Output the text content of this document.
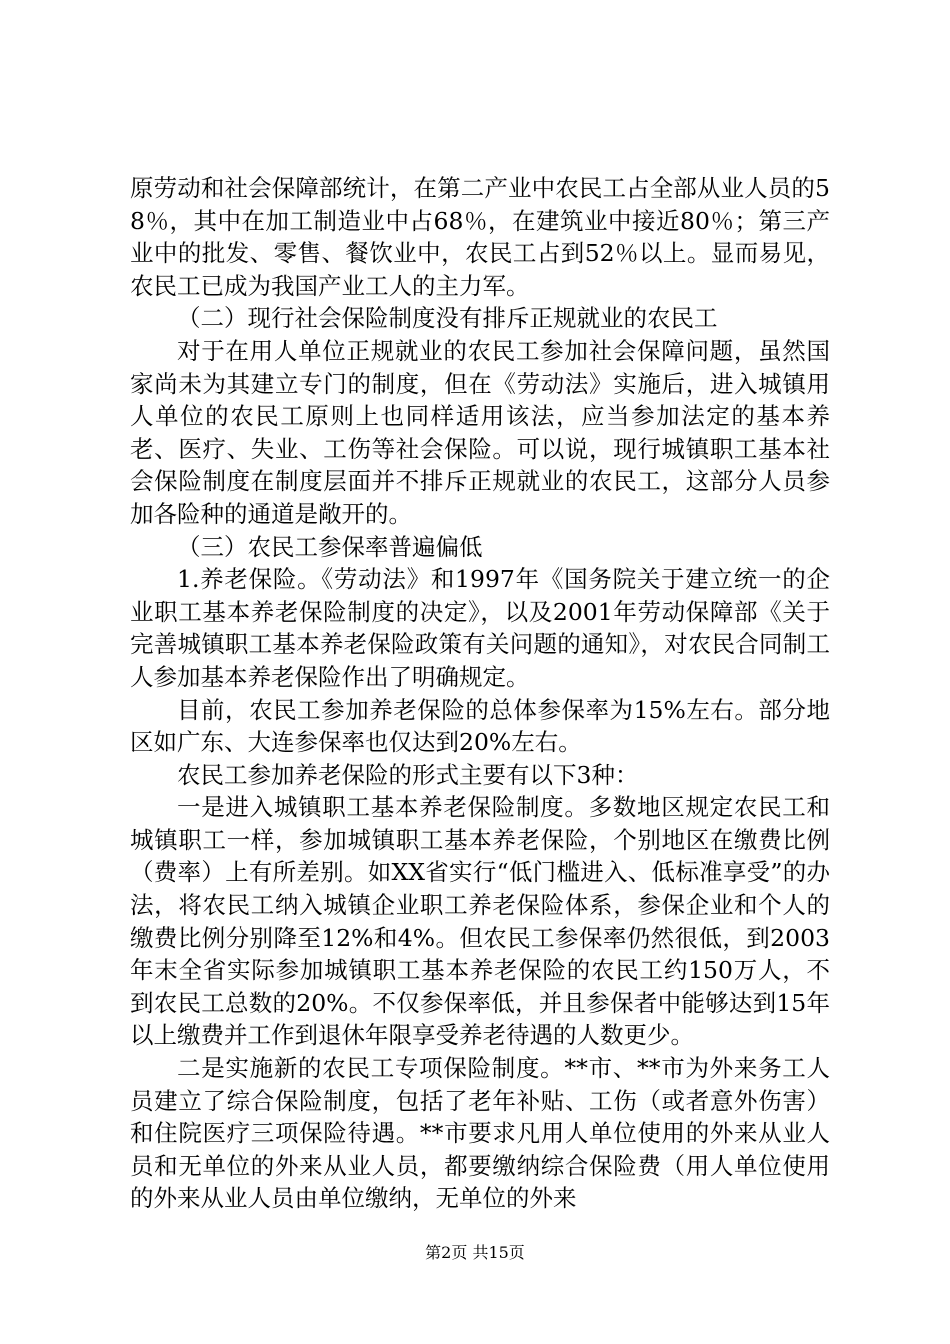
原劳动和社会保障部统计，在第二产业中农民工占全部从业人员的58％，其中在加工制造业中占68％，在建筑业中接近80％；第三产业中的批发、零售、餐饮业中，农民工占到52％以上。显而易见，农民工已成为我国产业工人的主力军。

（二）现行社会保险制度没有排斥正规就业的农民工

对于在用人单位正规就业的农民工参加社会保障问题，虽然国家尚未为其建立专门的制度，但在《劳动法》实施后，进入城镇用人单位的农民工原则上也同样适用该法，应当参加法定的基本养老、医疗、失业、工伤等社会保险。可以说，现行城镇职工基本社会保险制度在制度层面并不排斥正规就业的农民工，这部分人员参加各险种的通道是敞开的。

（三）农民工参保率普遍偏低

1.养老保险。《劳动法》和1997年《国务院关于建立统一的企业职工基本养老保险制度的决定》，以及2001年劳动保障部《关于完善城镇职工基本养老保险政策有关问题的通知》，对农民合同制工人参加基本养老保险作出了明确规定。

目前，农民工参加养老保险的总体参保率为15%左右。部分地区如广东、大连参保率也仅达到20%左右。

农民工参加养老保险的形式主要有以下3种：

一是进入城镇职工基本养老保险制度。多数地区规定农民工和城镇职工一样，参加城镇职工基本养老保险，个别地区在缴费比例（费率）上有所差别。如XX省实行“低门槛进入、低标准享受”的办法，将农民工纳入城镇企业职工养老保险体系，参保企业和个人的缴费比例分别降至12%和4%。但农民工参保率仍然很低，到2003年末全省实际参加城镇职工基本养老保险的农民工约150万人，不到农民工总数的20%。不仅参保率低，并且参保者中能够达到15年以上缴费并工作到退休年限享受养老待遇的人数更少。

二是实施新的农民工专项保险制度。**市、**市为外来务工人员建立了综合保险制度，包括了老年补贴、工伤（或者意外伤害）和住院医疗三项保险待遇。**市要求凡用人单位使用的外来从业人员和无单位的外来从业人员，都要缴纳综合保险费（用人单位使用的外来从业人员由单位缴纳，无单位的外来

第2页 共15页
